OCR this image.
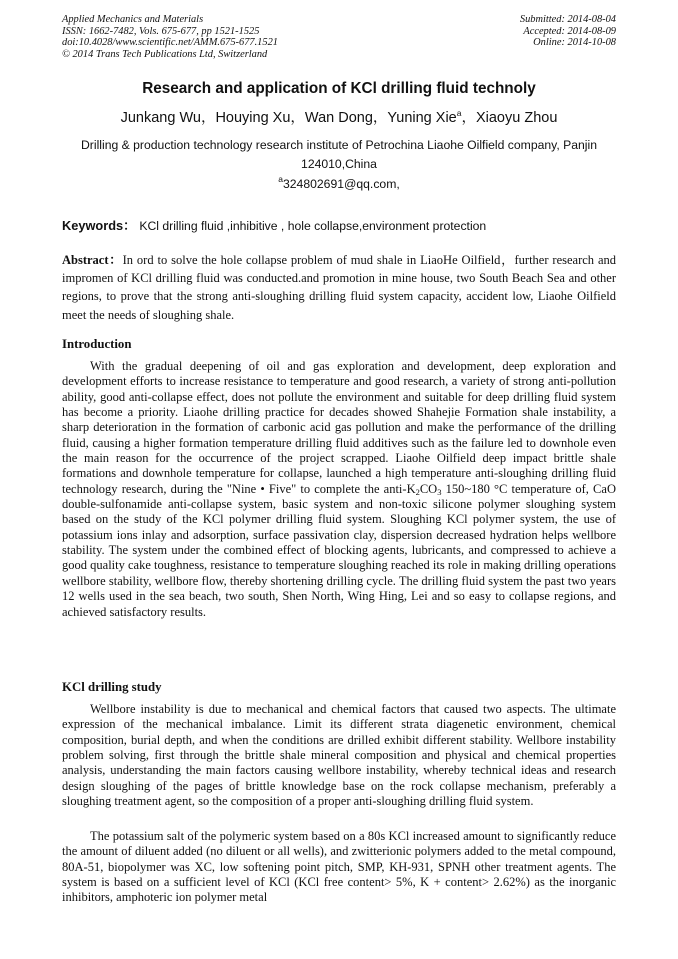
Applied Mechanics and Materials
ISSN: 1662-7482, Vols. 675-677, pp 1521-1525
doi:10.4028/www.scientific.net/AMM.675-677.1521
© 2014 Trans Tech Publications Ltd, Switzerland
Submitted: 2014-08-04
Accepted: 2014-08-09
Online: 2014-10-08
Research and application of KCl drilling fluid technoly
Junkang Wu，Houying Xu，Wan Dong，Yuning Xie$^a$，Xiaoyu Zhou
Drilling & production technology research institute of Petrochina Liaohe Oilfield company, Panjin
124010,China
$^a$324802691@qq.com,
Keywords： KCl drilling fluid ,inhibitive , hole collapse,environment protection
Abstract：In ord to solve the hole collapse problem of mud shale in LiaoHe Oilfield，further research and impromen of KCl drilling fluid was conducted.and promotion in mine house, two South Beach Sea and other regions, to prove that the strong anti-sloughing drilling fluid system capacity, accident low, Liaohe Oilfield meet the needs of sloughing shale.
Introduction
With the gradual deepening of oil and gas exploration and development, deep exploration and development efforts to increase resistance to temperature and good research, a variety of strong anti-pollution ability, good anti-collapse effect, does not pollute the environment and suitable for deep drilling fluid system has become a priority. Liaohe drilling practice for decades showed Shahejie Formation shale instability, a sharp deterioration in the formation of carbonic acid gas pollution and make the performance of the drilling fluid, causing a higher formation temperature drilling fluid additives such as the failure led to downhole even the main reason for the occurrence of the project scrapped. Liaohe Oilfield deep impact brittle shale formations and downhole temperature for collapse, launched a high temperature anti-sloughing drilling fluid technology research, during the "Nine • Five" to complete the anti-$K_2CO_3$ 150~180 °C temperature of, CaO double-sulfonamide anti-collapse system, basic system and non-toxic silicone polymer sloughing system based on the study of the KCl polymer drilling fluid system. Sloughing KCl polymer system, the use of potassium ions inlay and adsorption, surface passivation clay, dispersion decreased hydration helps wellbore stability. The system under the combined effect of blocking agents, lubricants, and compressed to achieve a good quality cake toughness, resistance to temperature sloughing reached its role in making drilling operations wellbore stability, wellbore flow, thereby shortening drilling cycle. The drilling fluid system the past two years 12 wells used in the sea beach, two south, Shen North, Wing Hing, Lei and so easy to collapse regions, and achieved satisfactory results.
KCl drilling study
Wellbore instability is due to mechanical and chemical factors that caused two aspects. The ultimate expression of the mechanical imbalance. Limit its different strata diagenetic environment, chemical composition, burial depth, and when the conditions are drilled exhibit different stability. Wellbore instability problem solving, first through the brittle shale mineral composition and physical and chemical properties analysis, understanding the main factors causing wellbore instability, whereby technical ideas and research design sloughing of the pages of brittle knowledge base on the rock collapse mechanism, preferably a sloughing treatment agent, so the composition of a proper anti-sloughing drilling fluid system.
The potassium salt of the polymeric system based on a 80s KCl increased amount to significantly reduce the amount of diluent added (no diluent or all wells), and zwitterionic polymers added to the metal compound, 80A-51, biopolymer was XC, low softening point pitch, SMP, KH-931, SPNH other treatment agents. The system is based on a sufficient level of KCl (KCl free content> 5%, K + content> 2.62%) as the inorganic inhibitors, amphoteric ion polymer metal
